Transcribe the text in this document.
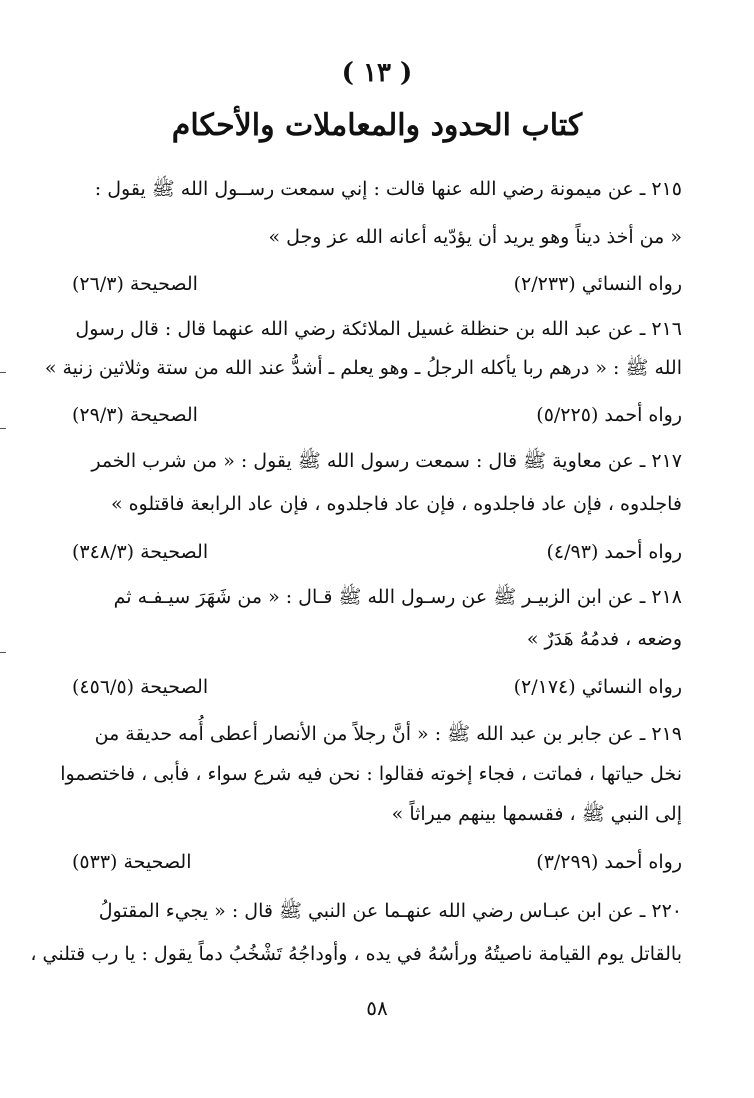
( ١٣ )
كتاب الحدود والمعاملات والأحكام
٢١٥ ـ عن ميمونة رضي الله عنها قالت : إني سمعت رســول الله ﷺ يقول :
« من أخذ ديناً وهو يريد أن يؤدّيه أعانه الله عز وجل »
رواه النسائي (٢/٢٣٣)
الصحيحة (٢٦/٣)
٢١٦ ـ عن عبد الله بن حنظلة غسيل الملائكة رضي الله عنهما قال : قال رسول
الله ﷺ : « درهم ربا يأكله الرجلُ ـ وهو يعلم ـ أشدُّ عند الله من ستة وثلاثين زنية »
رواه أحمد (٥/٢٢٥)
الصحيحة (٢٩/٣)
٢١٧ ـ عن معاوية ﷺ قال : سمعت رسول الله ﷺ يقول : « من شرب الخمر
فاجلدوه ، فإن عاد فاجلدوه ، فإن عاد فاجلدوه ، فإن عاد الرابعة فاقتلوه »
رواه أحمد (٤/٩٣)
الصحيحة (٣٤٨/٣)
٢١٨ ـ عن ابن الزبيـر ﷺ عن رسـول الله ﷺ قـال : « من شَهَرَ سيـفـه ثم
وضعه ، فدمُهُ هَدَرٌ »
رواه النسائي (٢/١٧٤)
الصحيحة (٤٥٦/٥)
٢١٩ ـ عن جابر بن عبد الله ﷺ : « أنَّ رجلاً من الأنصار أعطى أُمه حديقة من
نخل حياتها ، فماتت ، فجاء إخوته فقالوا : نحن فيه شرع سواء ، فأبى ، فاختصموا
إلى النبي ﷺ ، فقسمها بينهم ميراثاً »
رواه أحمد (٣/٢٩٩)
الصحيحة (٥٣٣)
٢٢٠ ـ عن ابن عبـاس رضي الله عنهـما عن النبي ﷺ قال : « يجيء المقتولُ
بالقاتل يوم القيامة ناصيتُهُ ورأسُهُ في يده ، وأوداجُهُ تَشْخُبُ دماً يقول : يا رب قتلني ،
٥٨
